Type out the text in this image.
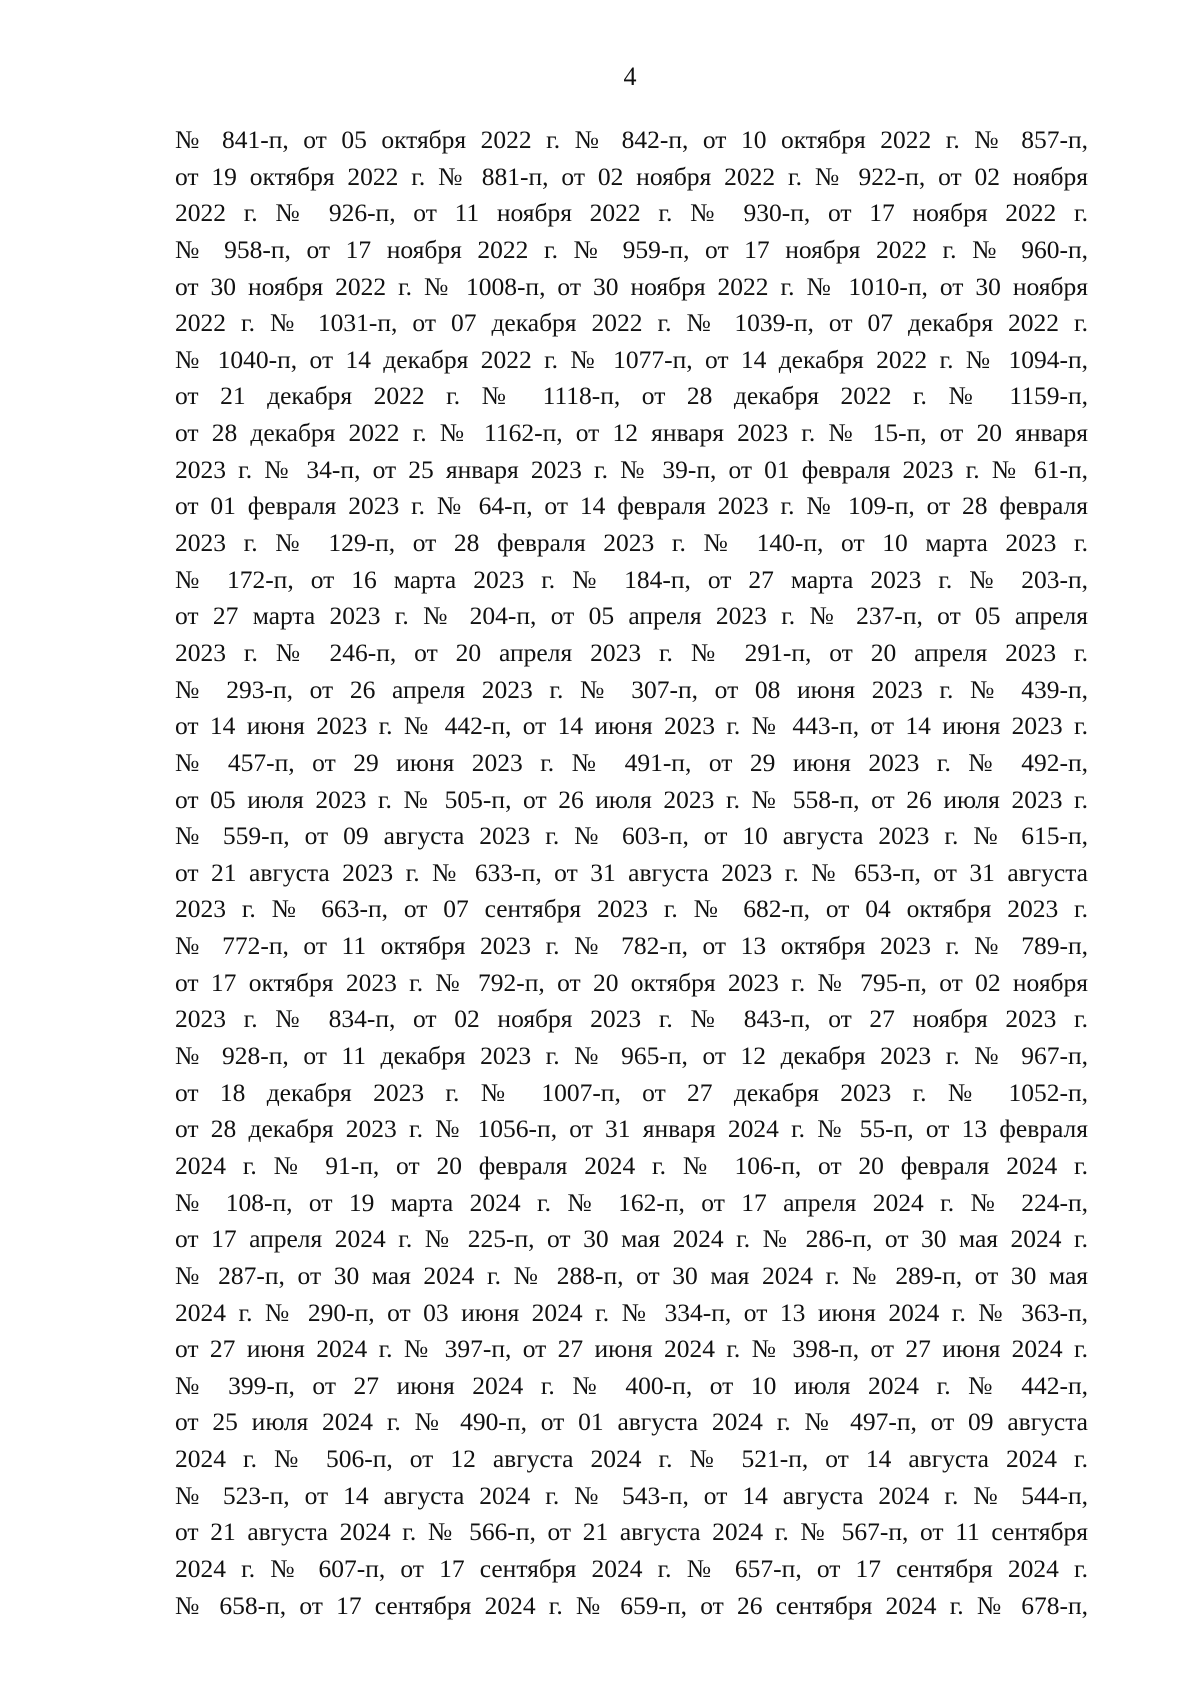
4
№ 841-п, от 05 октября 2022 г. № 842-п, от 10 октября 2022 г. № 857-п,
от 19 октября 2022 г. № 881-п, от 02 ноября 2022 г. № 922-п, от 02 ноября
2022 г. № 926-п, от 11 ноября 2022 г. № 930-п, от 17 ноября 2022 г.
№ 958-п, от 17 ноября 2022 г. № 959-п, от 17 ноября 2022 г. № 960-п,
от 30 ноября 2022 г. № 1008-п, от 30 ноября 2022 г. № 1010-п, от 30 ноября
2022 г. № 1031-п, от 07 декабря 2022 г. № 1039-п, от 07 декабря 2022 г.
№ 1040-п, от 14 декабря 2022 г. № 1077-п, от 14 декабря 2022 г. № 1094-п,
от 21 декабря 2022 г. № 1118-п, от 28 декабря 2022 г. № 1159-п,
от 28 декабря 2022 г. № 1162-п, от 12 января 2023 г. № 15-п, от 20 января
2023 г. № 34-п, от 25 января 2023 г. № 39-п, от 01 февраля 2023 г. № 61-п,
от 01 февраля 2023 г. № 64-п, от 14 февраля 2023 г. № 109-п, от 28 февраля
2023 г. № 129-п, от 28 февраля 2023 г. № 140-п, от 10 марта 2023 г.
№ 172-п, от 16 марта 2023 г. № 184-п, от 27 марта 2023 г. № 203-п,
от 27 марта 2023 г. № 204-п, от 05 апреля 2023 г. № 237-п, от 05 апреля
2023 г. № 246-п, от 20 апреля 2023 г. № 291-п, от 20 апреля 2023 г.
№ 293-п, от 26 апреля 2023 г. № 307-п, от 08 июня 2023 г. № 439-п,
от 14 июня 2023 г. № 442-п, от 14 июня 2023 г. № 443-п, от 14 июня 2023 г.
№ 457-п, от 29 июня 2023 г. № 491-п, от 29 июня 2023 г. № 492-п,
от 05 июля 2023 г. № 505-п, от 26 июля 2023 г. № 558-п, от 26 июля 2023 г.
№ 559-п, от 09 августа 2023 г. № 603-п, от 10 августа 2023 г. № 615-п,
от 21 августа 2023 г. № 633-п, от 31 августа 2023 г. № 653-п, от 31 августа
2023 г. № 663-п, от 07 сентября 2023 г. № 682-п, от 04 октября 2023 г.
№ 772-п, от 11 октября 2023 г. № 782-п, от 13 октября 2023 г. № 789-п,
от 17 октября 2023 г. № 792-п, от 20 октября 2023 г. № 795-п, от 02 ноября
2023 г. № 834-п, от 02 ноября 2023 г. № 843-п, от 27 ноября 2023 г.
№ 928-п, от 11 декабря 2023 г. № 965-п, от 12 декабря 2023 г. № 967-п,
от 18 декабря 2023 г. № 1007-п, от 27 декабря 2023 г. № 1052-п,
от 28 декабря 2023 г. № 1056-п, от 31 января 2024 г. № 55-п, от 13 февраля
2024 г. № 91-п, от 20 февраля 2024 г. № 106-п, от 20 февраля 2024 г.
№ 108-п, от 19 марта 2024 г. № 162-п, от 17 апреля 2024 г. № 224-п,
от 17 апреля 2024 г. № 225-п, от 30 мая 2024 г. № 286-п, от 30 мая 2024 г.
№ 287-п, от 30 мая 2024 г. № 288-п, от 30 мая 2024 г. № 289-п, от 30 мая
2024 г. № 290-п, от 03 июня 2024 г. № 334-п, от 13 июня 2024 г. № 363-п,
от 27 июня 2024 г. № 397-п, от 27 июня 2024 г. № 398-п, от 27 июня 2024 г.
№ 399-п, от 27 июня 2024 г. № 400-п, от 10 июля 2024 г. № 442-п,
от 25 июля 2024 г. № 490-п, от 01 августа 2024 г. № 497-п, от 09 августа
2024 г. № 506-п, от 12 августа 2024 г. № 521-п, от 14 августа 2024 г.
№ 523-п, от 14 августа 2024 г. № 543-п, от 14 августа 2024 г. № 544-п,
от 21 августа 2024 г. № 566-п, от 21 августа 2024 г. № 567-п, от 11 сентября
2024 г. № 607-п, от 17 сентября 2024 г. № 657-п, от 17 сентября 2024 г.
№ 658-п, от 17 сентября 2024 г. № 659-п, от 26 сентября 2024 г. № 678-п,
